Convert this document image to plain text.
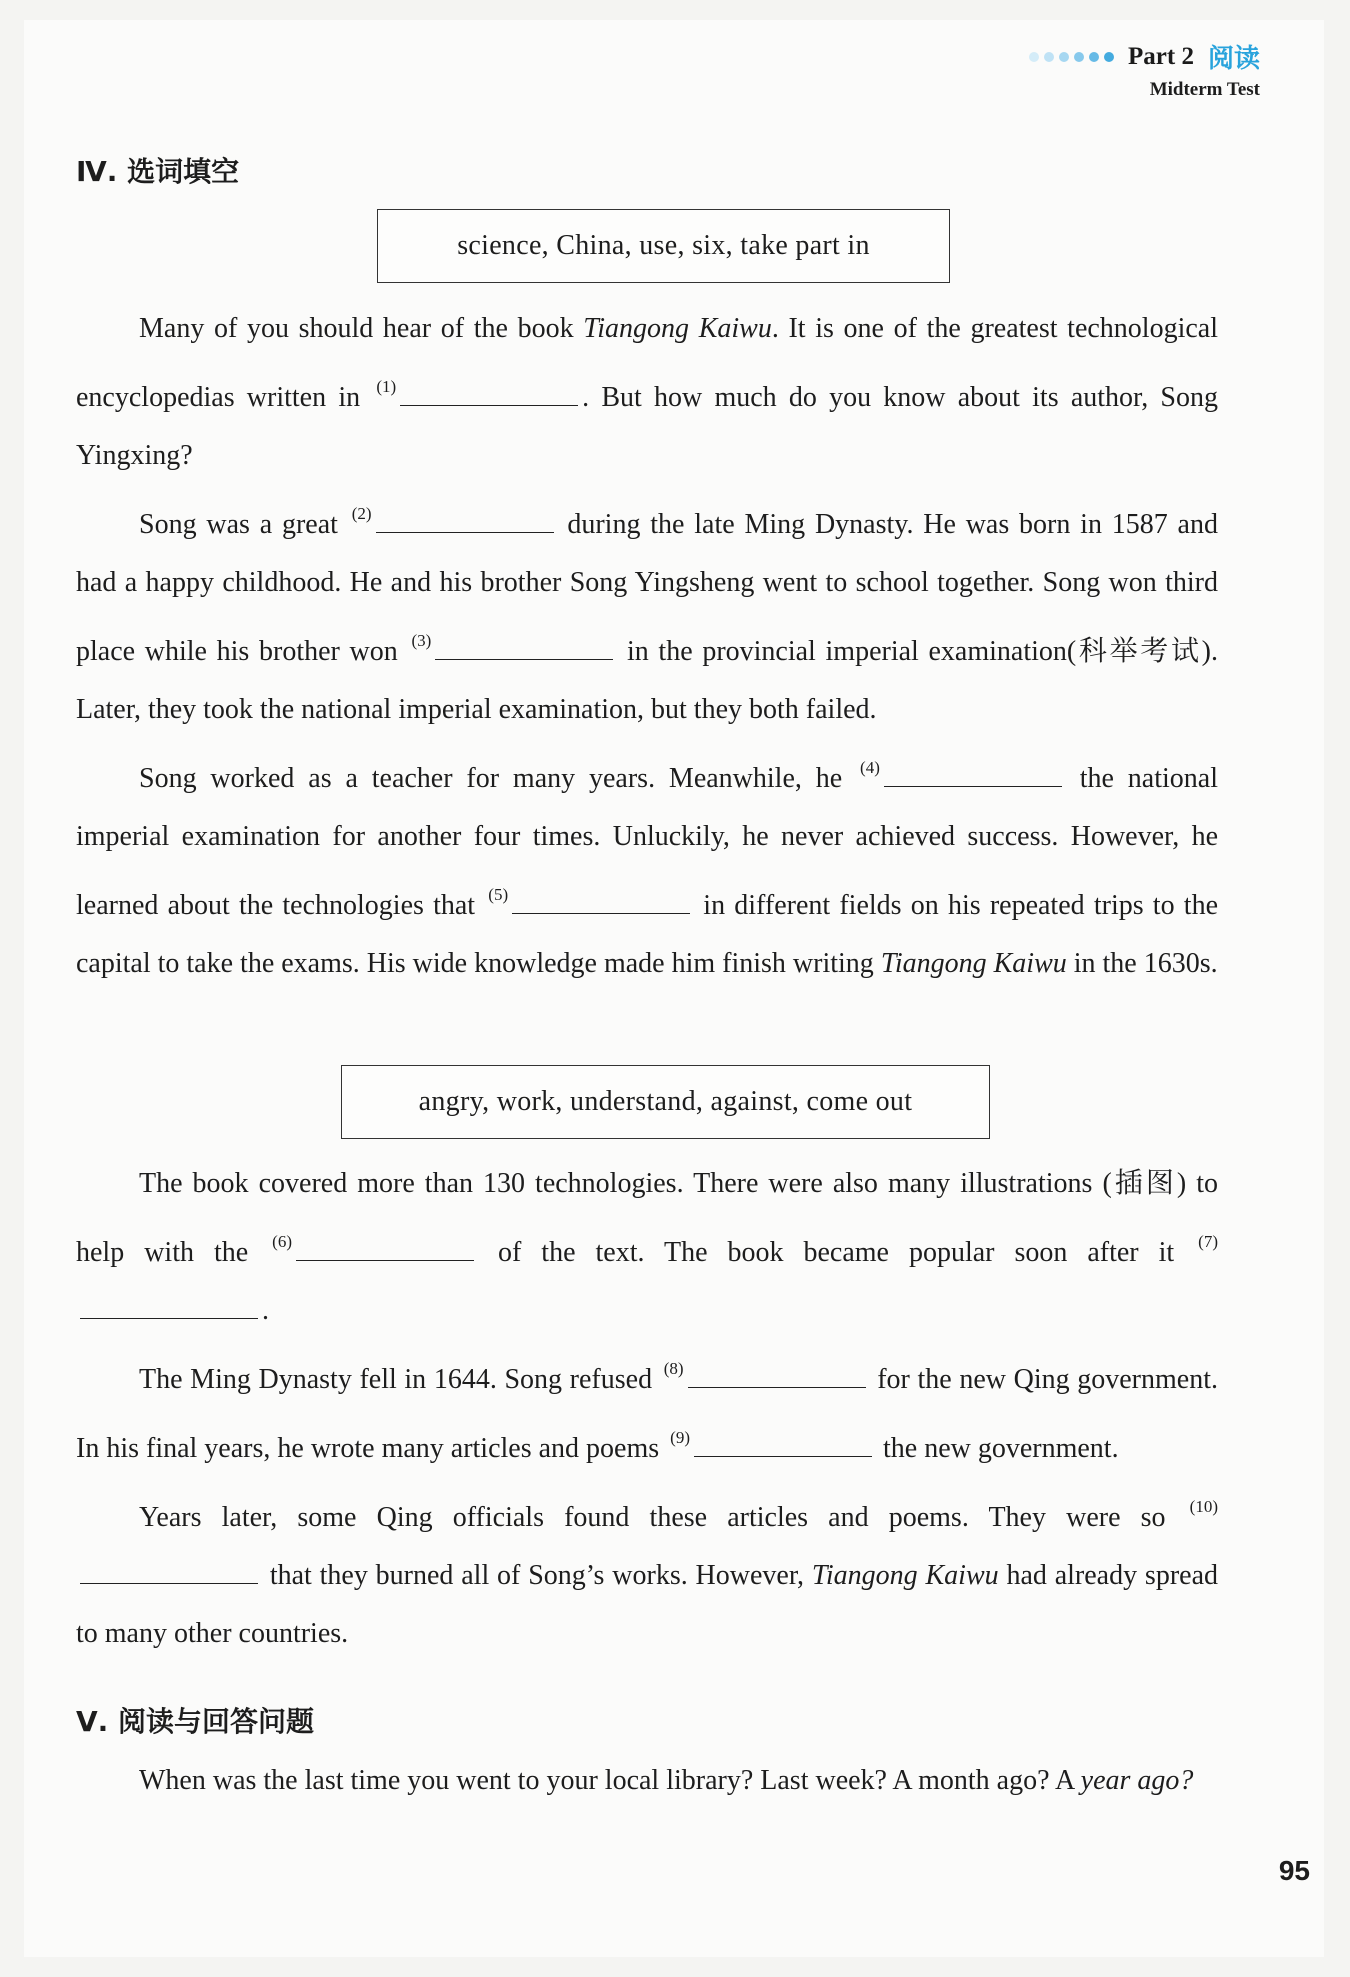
Part 2 阅读
Midterm Test
Ⅳ. 选词填空
science, China, use, six, take part in

Many of you should hear of the book Tiangong Kaiwu. It is one of the greatest technological encyclopedias written in $^{(1)}$	. But how much do you know about its author, Song Yingxing?

Song was a great $^{(2)}$	during the late Ming Dynasty. He was born in 1587 and had a happy childhood. He and his brother Song Yingsheng went to school together. Song won third place while his brother won $^{(3)}$	in the provincial imperial examination(科举考试). Later, they took the national imperial examination, but they both failed.

Song worked as a teacher for many years. Meanwhile, he $^{(4)}$	the national imperial examination for another four times. Unluckily, he never achieved success. However, he learned about the technologies that $^{(5)}$	in different fields on his repeated trips to the capital to take the exams. His wide knowledge made him finish writing Tiangong Kaiwu in the 1630s.

angry, work, understand, against, come out

The book covered more than 130 technologies. There were also many illustrations (插图) to help with the $^{(6)}$	of the text. The book became popular soon after it $^{(7)}$.

The Ming Dynasty fell in 1644. Song refused $^{(8)}$	for the new Qing government. In his final years, he wrote many articles and poems $^{(9)}$	the new government.

Years later, some Qing officials found these articles and poems. They were so $^{(10)}$ that they burned all of Song’s works. However, Tiangong Kaiwu had already spread to many other countries.

Ⅴ. 阅读与回答问题

When was the last time you went to your local library? Last week? A month ago? A year ago?

95
